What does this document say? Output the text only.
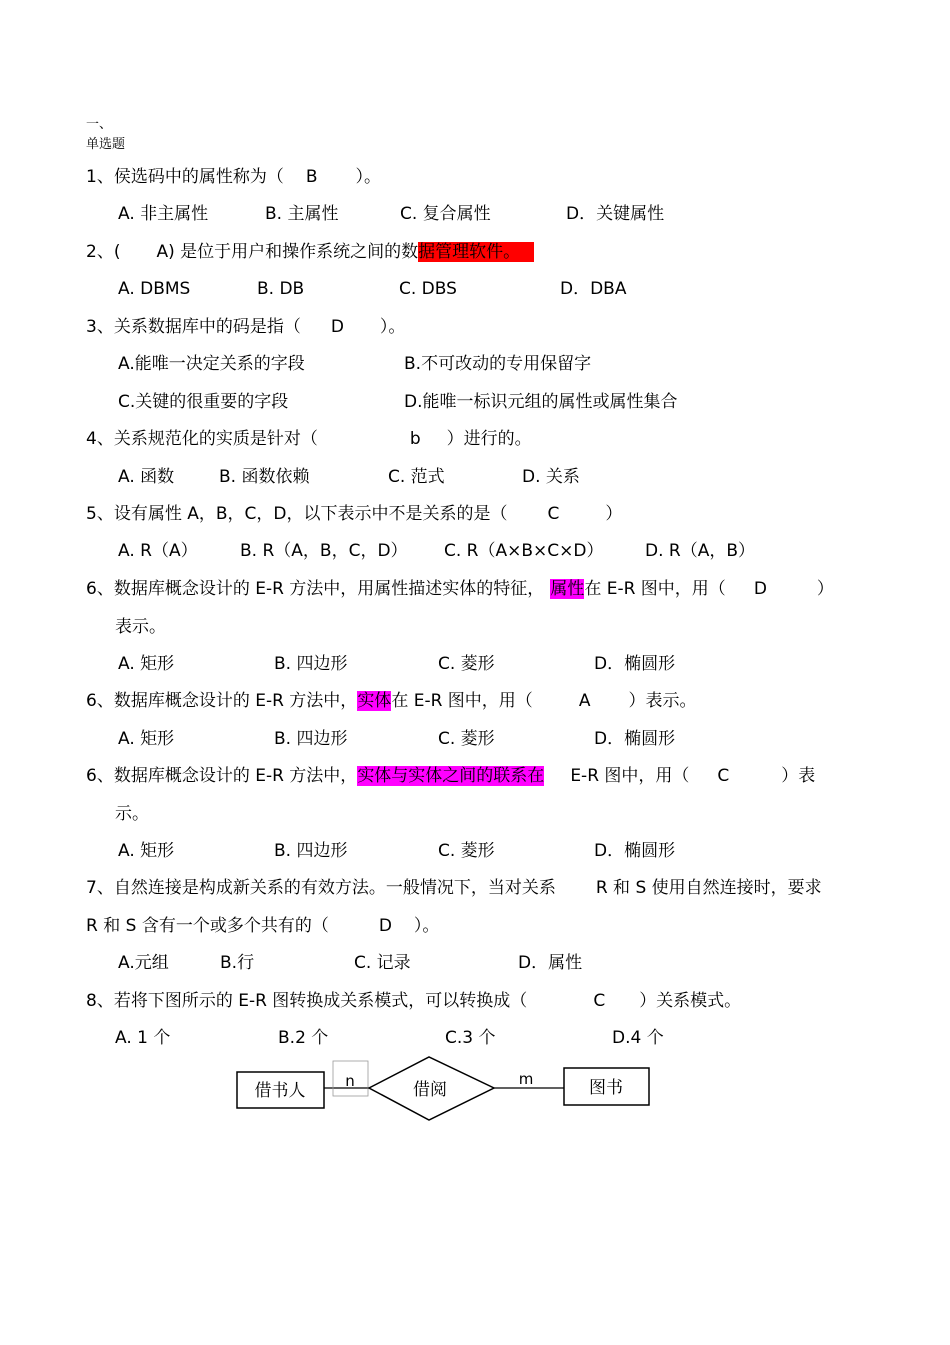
一、
单选题
1、侯选码中的属性称为（ B ）。
A. 非主属性	B. 主属性	C. 复合属性	D．关键属性
2、( A) 是位于用户和操作系统之间的数据管理软件。
A. DBMS	B. DB	C. DBS	D．DBA
3、关系数据库中的码是指（ D ）。
A.能唯一决定关系的字段	B.不可改动的专用保留字
C.关键的很重要的字段	D.能唯一标识元组的属性或属性集合
4、关系规范化的实质是针对（	b ）进行的。
A. 函数	B. 函数依赖	C. 范式	D. 关系
5、设有属性 A，B，C，D，以下表示中不是关系的是（ C	）
A. R（A） B. R（A，B，C，D） C. R（A×B×C×D） D. R（A，B）
6、数据库概念设计的 E-R 方法中，用属性描述实体的特征， 属性在 E-R 图中，用（ D	）
表示。
A. 矩形	B. 四边形	C. 菱形	D．椭圆形
6、数据库概念设计的 E-R 方法中，实体在 E-R 图中，用（	A ）表示。
A. 矩形	B. 四边形	C. 菱形	D．椭圆形
6、数据库概念设计的 E-R 方法中，实体与实体之间的联系在 E-R 图中，用（ C	）表
示。
A. 矩形	B. 四边形	C. 菱形	D．椭圆形
7、自然连接是构成新关系的有效方法。一般情况下，当对关系 R 和 S 使用自然连接时，要求
R 和 S 含有一个或多个共有的（	D ）。
A.元组	B.行	C. 记录	D．属性
8、若将下图所示的 E-R 图转换成关系模式，可以转换成（	C ）关系模式。
A. 1 个	B.2 个	C.3 个	D.4 个
借书人	n	借阅
m	图书
